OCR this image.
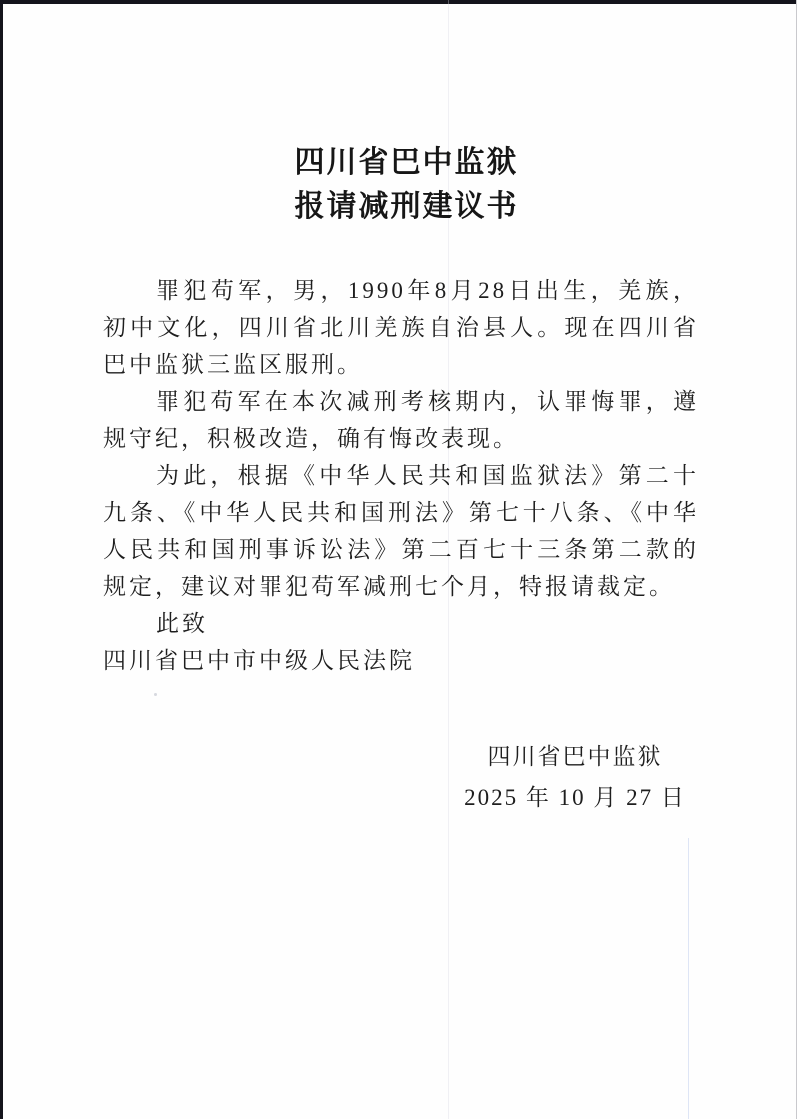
四川省巴中监狱
报请减刑建议书

罪犯苟军，男，1990年8月28日出生，羌族，初中文化，四川省北川羌族自治县人。现在四川省巴中监狱三监区服刑。

罪犯苟军在本次减刑考核期内，认罪悔罪，遵规守纪，积极改造，确有悔改表现。

为此，根据《中华人民共和国监狱法》第二十九条、《中华人民共和国刑法》第七十八条、《中华人民共和国刑事诉讼法》第二百七十三条第二款的规定，建议对罪犯苟军减刑七个月，特报请裁定。

此致

四川省巴中市中级人民法院

四川省巴中监狱
2025 年 10 月 27 日
